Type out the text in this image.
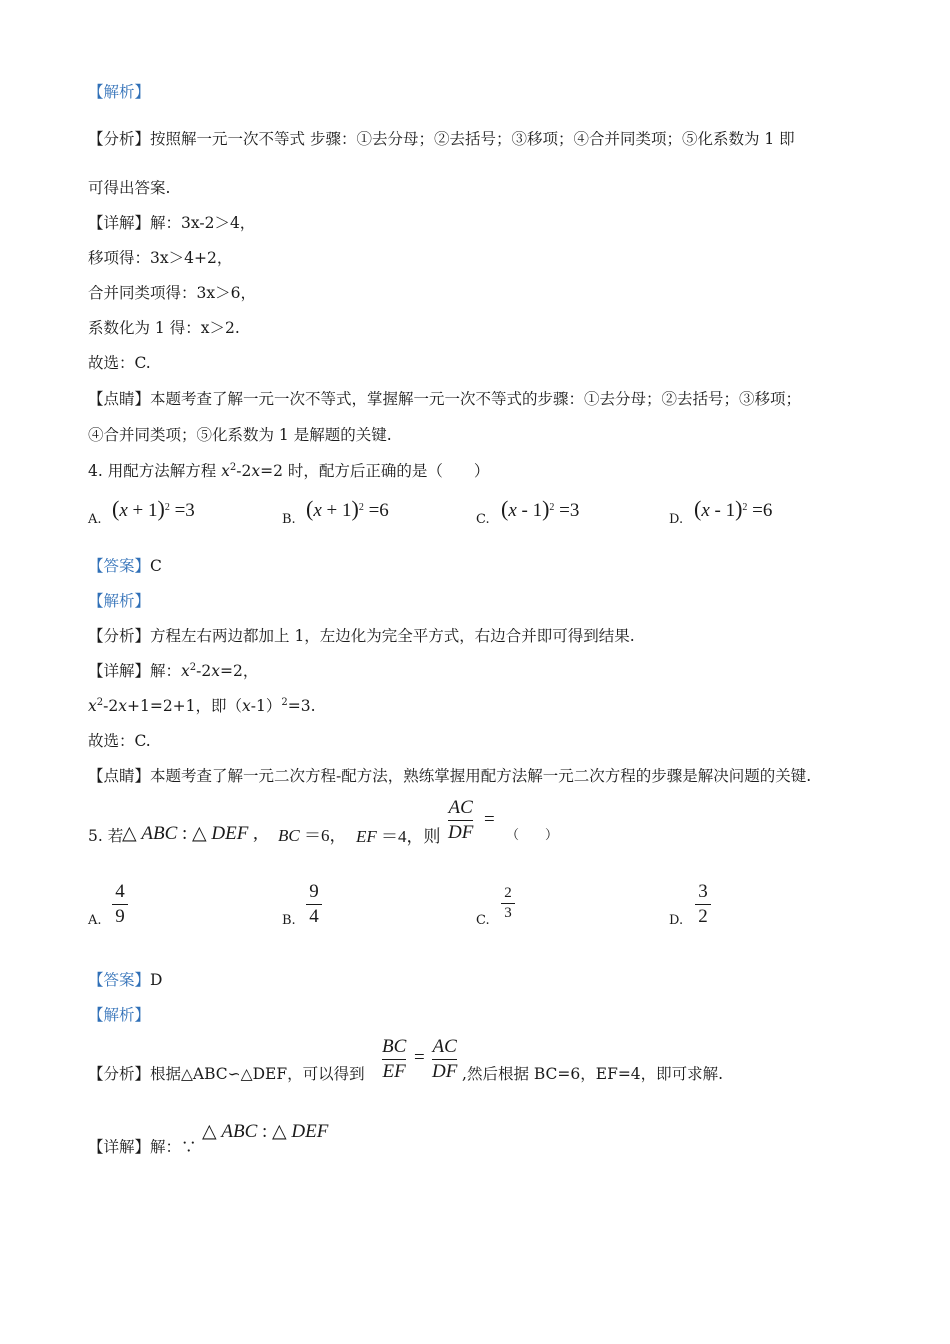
【解析】
【分析】按照解一元一次不等式 步骤：①去分母；②去括号；③移项；④合并同类项；⑤化系数为 1 即
可得出答案.
【详解】解：3x-2＞4，
移项得：3x＞4+2，
合并同类项得：3x＞6，
系数化为 1 得：x＞2.
故选：C.
【点睛】本题考查了解一元一次不等式，掌握解一元一次不等式的步骤：①去分母；②去括号；③移项；
④合并同类项；⑤化系数为 1 是解题的关键.
4. 用配方法解方程 $x^2-2x=2$ 时，配方后正确的是（　　）
A. $(x + 1)^2 =3$	B. $(x + 1)^2 =6$	C. (x - 1)$^2$ =3	D. (x - 1)$^2$ =6
【答案】C
【解析】
【分析】方程左右两边都加上 1，左边化为完全平方式，右边合并即可得到结果.
【详解】解：$x^2-2x=2$，
$x^2-2x+1=2+1$，即$(x-1)^2=3$.
故选：C.
【点睛】本题考查了解一元二次方程-配方法，熟练掌握用配方法解一元二次方程的步骤是解决问题的关键.
5. 若
△ ABC : △ DEF , BC ＝6， EF ＝4，则
AC
DF
=
（　　）
A.
4
9	B.
9
4	C.
2
3	D.
3
2
【答案】D
【解析】
【分析】根据△ABC∽△DEF，可以得到
BC
EF
=
AC
DF ,然后根据 BC=6，EF=4，即可求解.
【详解】解：∵
△ ABC : △ DEF
